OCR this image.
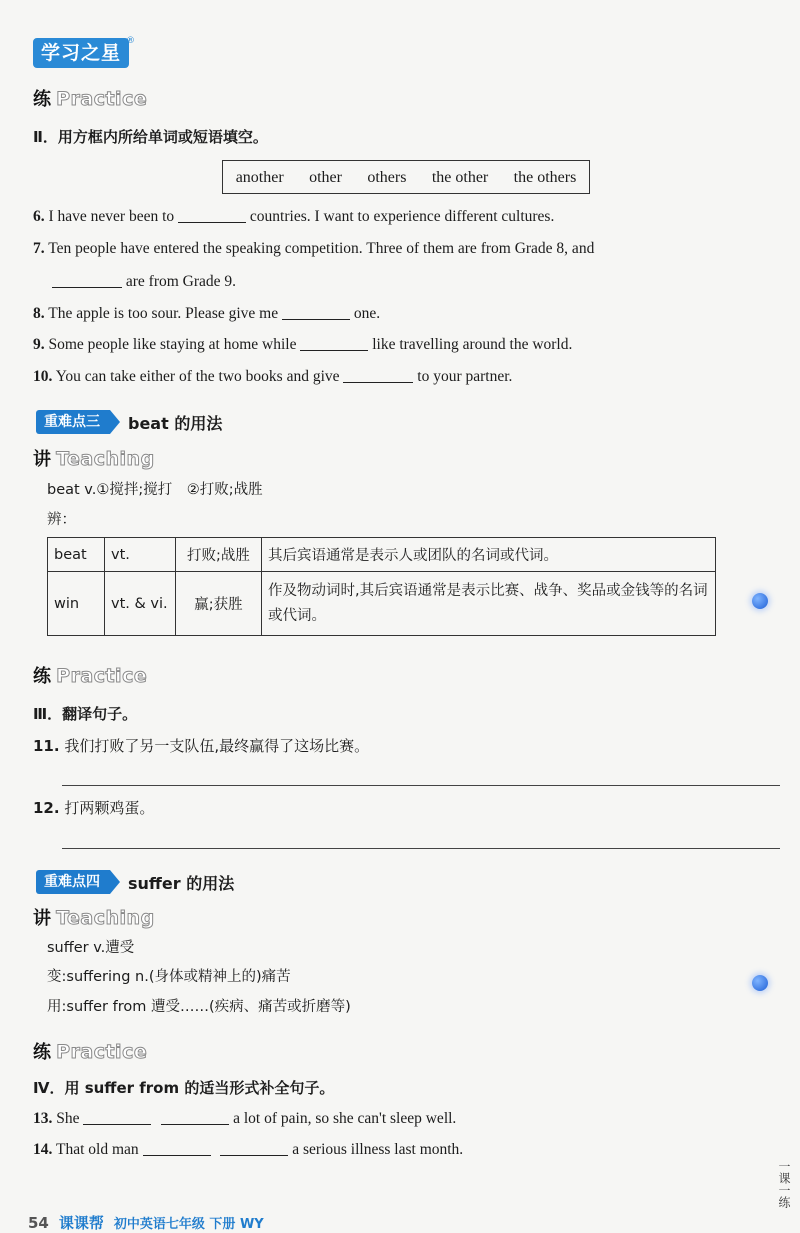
学习之星
®
练 Practice
Ⅱ．用方框内所给单词或短语填空。
another other others the other the others
6. I have never been to	countries. I want to experience different cultures.
7. Ten people have entered the speaking competition. Three of them are from Grade 8, and
are from Grade 9.
8. The apple is too sour. Please give me	one.
9. Some people like staying at home while	like travelling around the world.
10. You can take either of the two books and give	to your partner.
重难点三	beat 的用法
讲 Teaching
beat v.①搅拌;搅打　②打败;战胜
辨：
beat	vt.	打败;战胜	其后宾语通常是表示人或团队的名词或代词。
win	vt. & vi.	赢;获胜	作及物动词时,其后宾语通常是表示比赛、战争、奖品或金钱等的名词或代词。
练 Practice
Ⅲ．翻译句子。
11. 我们打败了另一支队伍,最终赢得了这场比赛。
12. 打两颗鸡蛋。
重难点四	suffer 的用法
讲 Teaching
suffer v.遭受
变:suffering n.(身体或精神上的)痛苦
用:suffer from 遭受……(疾病、痛苦或折磨等)
练 Practice
Ⅳ．用 suffer from 的适当形式补全句子。
13. She	a lot of pain, so she can't sleep well.
14. That old man	a serious illness last month.
一课一练
54 课课帮 初中英语七年级 下册 WY
